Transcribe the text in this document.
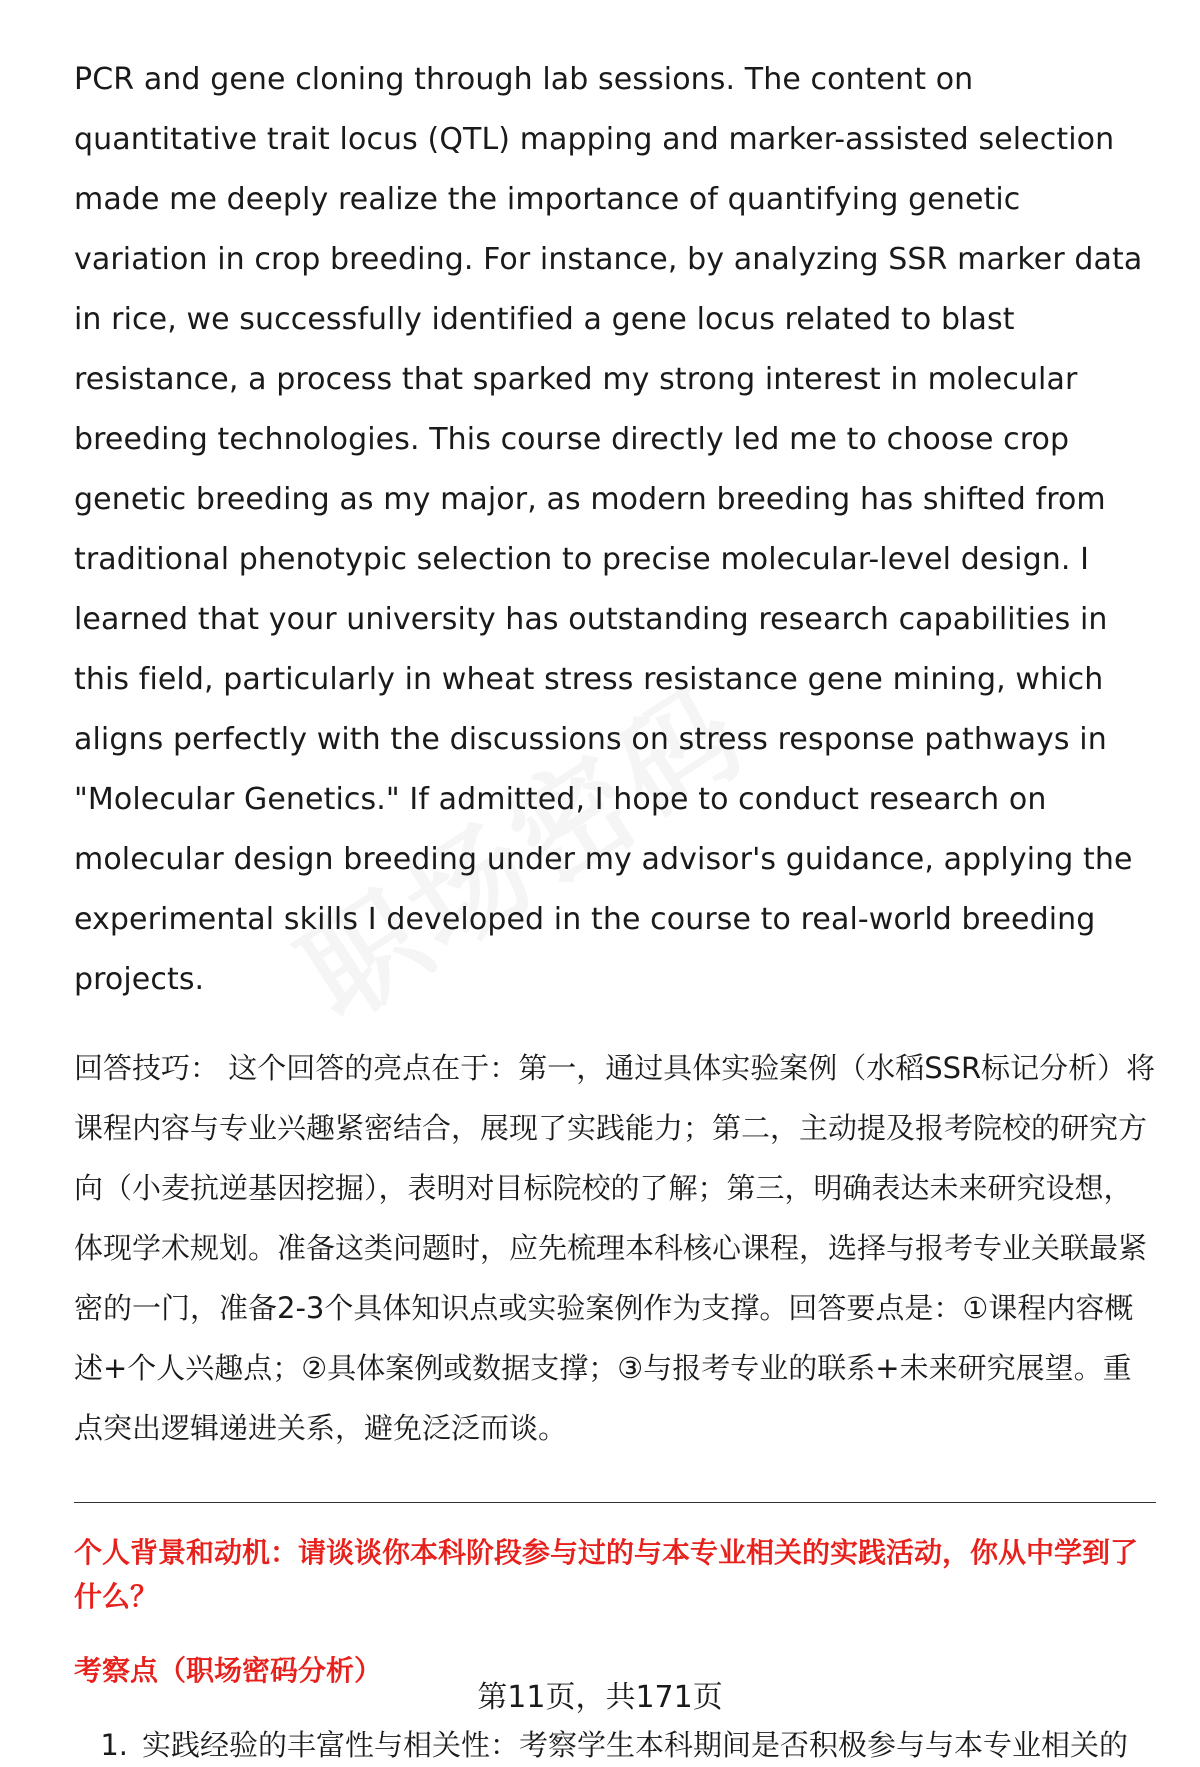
PCR and gene cloning through lab sessions. The content on quantitative trait locus (QTL) mapping and marker-assisted selection made me deeply realize the importance of quantifying genetic variation in crop breeding. For instance, by analyzing SSR marker data in rice, we successfully identified a gene locus related to blast resistance, a process that sparked my strong interest in molecular breeding technologies. This course directly led me to choose crop genetic breeding as my major, as modern breeding has shifted from traditional phenotypic selection to precise molecular-level design. I learned that your university has outstanding research capabilities in this field, particularly in wheat stress resistance gene mining, which aligns perfectly with the discussions on stress response pathways in "Molecular Genetics." If admitted, I hope to conduct research on molecular design breeding under my advisor's guidance, applying the experimental skills I developed in the course to real-world breeding projects.

回答技巧： 这个回答的亮点在于：第一，通过具体实验案例（水稻SSR标记分析）将课程内容与专业兴趣紧密结合，展现了实践能力；第二，主动提及报考院校的研究方向（小麦抗逆基因挖掘），表明对目标院校的了解；第三，明确表达未来研究设想，体现学术规划。准备这类问题时，应先梳理本科核心课程，选择与报考专业关联最紧密的一门，准备2-3个具体知识点或实验案例作为支撑。回答要点是：①课程内容概述+个人兴趣点；②具体案例或数据支撑；③与报考专业的联系+未来研究展望。重点突出逻辑递进关系，避免泛泛而谈。

个人背景和动机：请谈谈你本科阶段参与过的与本专业相关的实践活动，你从中学到了什么？
考察点（职场密码分析）
1. 实践经验的丰富性与相关性：考察学生本科期间是否积极参与与本专业相关的
第11页，共171页
